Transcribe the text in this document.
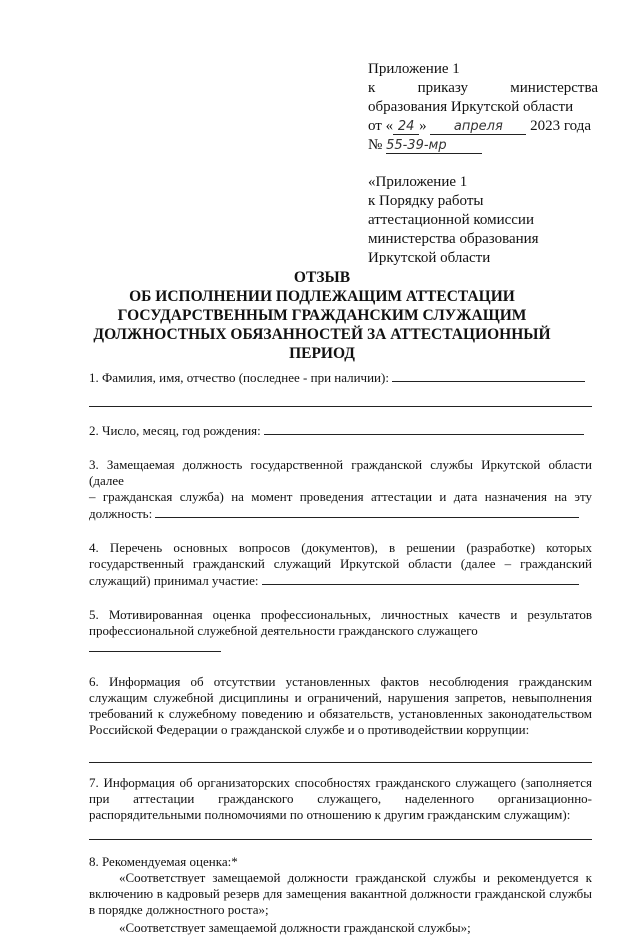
Приложение 1
к	приказу	министерства
образования Иркутской области
от « 24 » апреля 2023 года
№ 55-39-мр
«Приложение 1
к Порядку работы
аттестационной комиссии
министерства образования
Иркутской области
ОТЗЫВ
ОБ ИСПОЛНЕНИИ ПОДЛЕЖАЩИМ АТТЕСТАЦИИ
ГОСУДАРСТВЕННЫМ ГРАЖДАНСКИМ СЛУЖАЩИМ
ДОЛЖНОСТНЫХ ОБЯЗАННОСТЕЙ ЗА АТТЕСТАЦИОННЫЙ
ПЕРИОД
1. Фамилия, имя, отчество (последнее - при наличии):
2. Число, месяц, год рождения:
3. Замещаемая должность государственной гражданской службы Иркутской области (далее
– гражданская служба) на момент проведения аттестации и дата назначения на эту
должность:
4. Перечень основных вопросов (документов), в решении (разработке) которых
государственный гражданский служащий Иркутской области (далее – гражданский
служащий) принимал участие:
5. Мотивированная оценка профессиональных, личностных качеств и результатов
профессиональной служебной деятельности гражданского служащего
6. Информация об отсутствии установленных фактов несоблюдения гражданским
служащим служебной дисциплины и ограничений, нарушения запретов, невыполнения
требований к служебному поведению и обязательств, установленных законодательством
Российской Федерации о гражданской службе и о противодействии коррупции:
7. Информация об организаторских способностях гражданского служащего (заполняется
при аттестации гражданского служащего, наделенного организационно-
распорядительными полномочиями по отношению к другим гражданским служащим):
8. Рекомендуемая оценка:*
«Соответствует замещаемой должности гражданской службы и рекомендуется к
включению в кадровый резерв для замещения вакантной должности гражданской службы
в порядке должностного роста»;
«Соответствует замещаемой должности гражданской службы»;
